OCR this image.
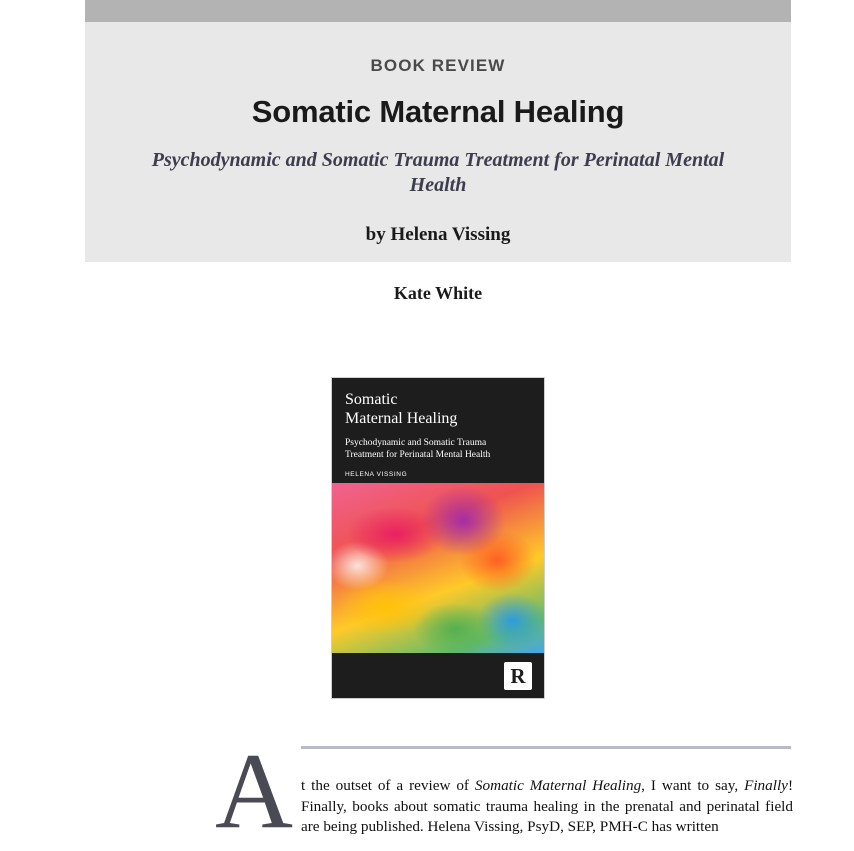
BOOK REVIEW
Somatic Maternal Healing
Psychodynamic and Somatic Trauma Treatment for Perinatal Mental Health
by Helena Vissing
Kate White
Somatic
Maternal Healing
Psychodynamic and Somatic Trauma
Treatment for Perinatal Mental Health
HELENA VISSING
R
A t the outset of a review of Somatic Maternal Healing, I want to say, Finally! Finally, books about somatic trauma healing in the prenatal and perinatal field are being published. Helena Vissing, PsyD, SEP, PMH-C has written
